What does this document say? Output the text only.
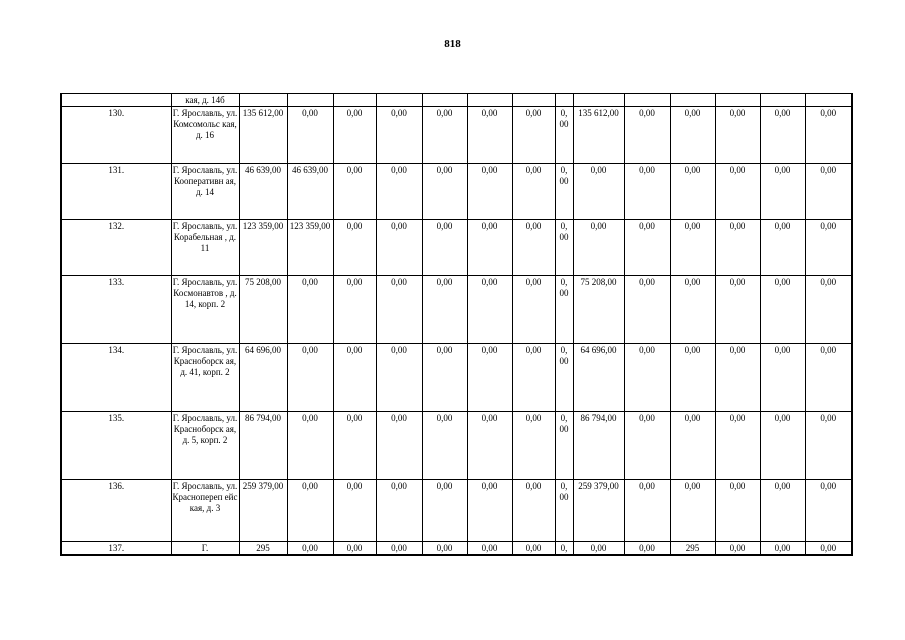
818
	кая, д. 14б														
130.	Г. Ярославль, ул. Комсомольс кая, д. 16	135 612,00	0,00	0,00	0,00	0,00	0,00	0,00	0, 00	135 612,00	0,00	0,00	0,00	0,00	0,00
131.	Г. Ярославль, ул. Кооперативн ая, д. 14	46 639,00	46 639,00	0,00	0,00	0,00	0,00	0,00	0, 00	0,00	0,00	0,00	0,00	0,00	0,00
132.	Г. Ярославль, ул. Корабельная , д. 11	123 359,00	123 359,00	0,00	0,00	0,00	0,00	0,00	0, 00	0,00	0,00	0,00	0,00	0,00	0,00
133.	Г. Ярославль, ул. Космонавтов , д. 14, корп. 2	75 208,00	0,00	0,00	0,00	0,00	0,00	0,00	0, 00	75 208,00	0,00	0,00	0,00	0,00	0,00
134.	Г. Ярославль, ул. Красноборск ая, д. 41, корп. 2	64 696,00	0,00	0,00	0,00	0,00	0,00	0,00	0, 00	64 696,00	0,00	0,00	0,00	0,00	0,00
135.	Г. Ярославль, ул. Красноборск ая, д. 5, корп. 2	86 794,00	0,00	0,00	0,00	0,00	0,00	0,00	0, 00	86 794,00	0,00	0,00	0,00	0,00	0,00
136.	Г. Ярославль, ул. Краснопереп ейская, д. 3	259 379,00	0,00	0,00	0,00	0,00	0,00	0,00	0, 00	259 379,00	0,00	0,00	0,00	0,00	0,00
137.	Г.	295	0,00	0,00	0,00	0,00	0,00	0,00	0,	0,00	0,00	295	0,00	0,00	0,00
